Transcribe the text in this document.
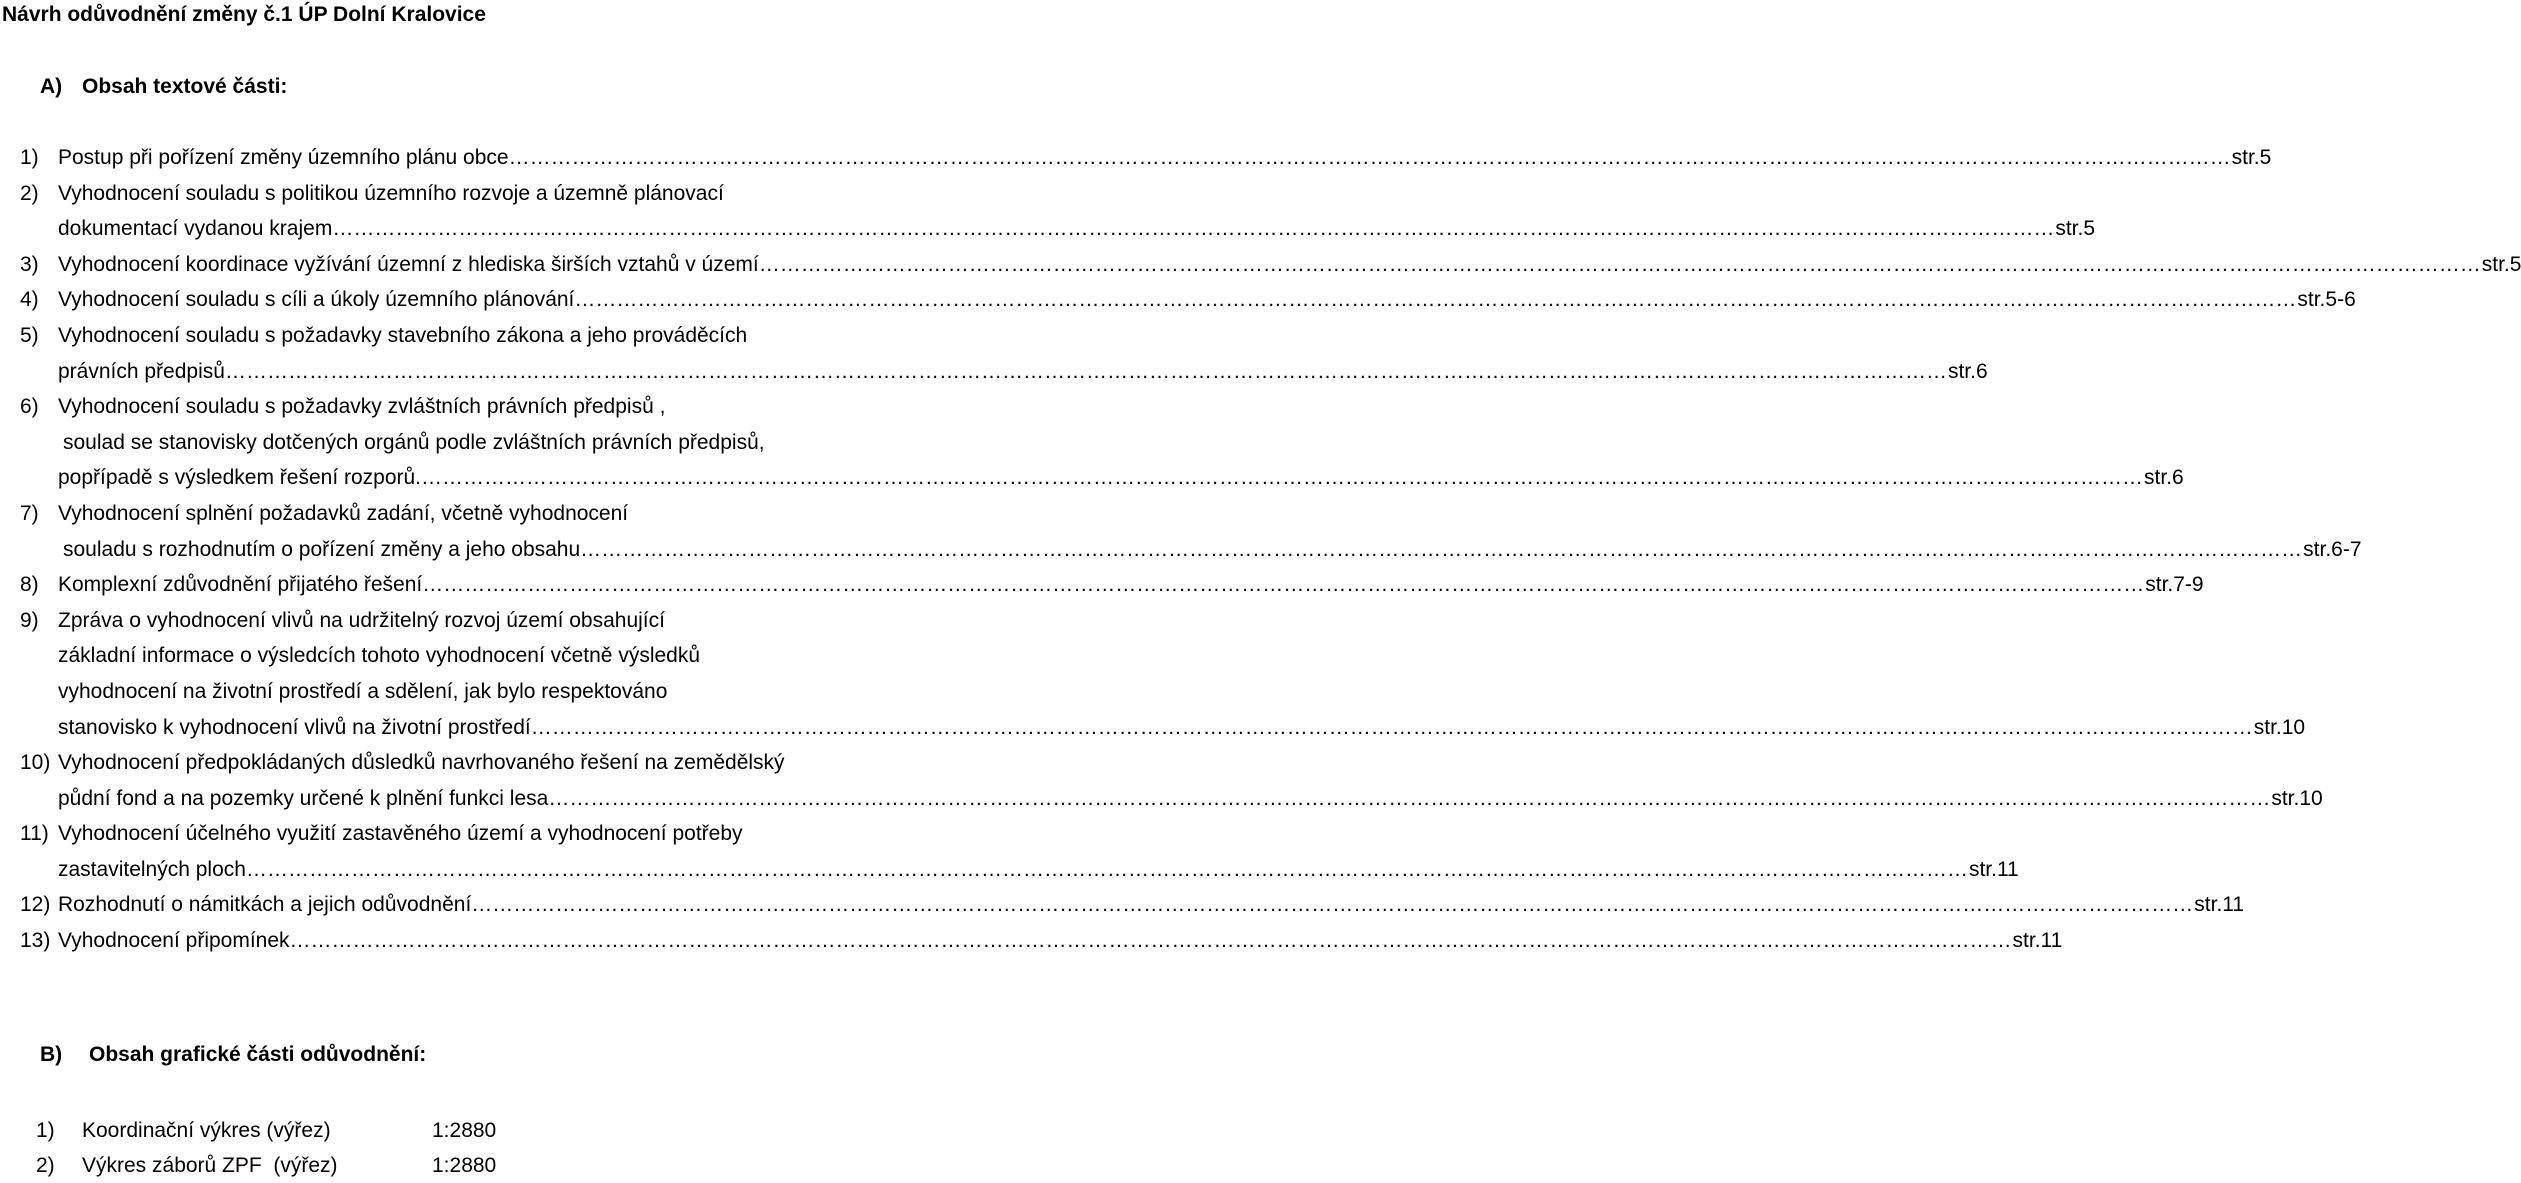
Návrh odůvodnění změny č.1 ÚP Dolní Kralovice
A) Obsah textové části:
1) Postup při pořízení změny územního plánu obce …………………………………………………………………………………………………………………………………………………………………………………………………………………………	str.5
2) Vyhodnocení souladu s politikou územního rozvoje a územně plánovací
dokumentací vydanou krajem …………………………………………………………………………………………………………………………………………………………………………………………………………………………	str.5
3) Vyhodnocení koordinace vyžívání územní z hlediska širších vztahů v území …………………………………………………………………………………………………………………………………………………………………………………………………………………………	str.5
4) Vyhodnocení souladu s cíli a úkoly územního plánování …………………………………………………………………………………………………………………………………………………………………………………………………………………………	str.5-6
5) Vyhodnocení souladu s požadavky stavebního zákona a jeho prováděcích
právních předpisů …………………………………………………………………………………………………………………………………………………………………………………………………………………………	str.6
6) Vyhodnocení souladu s požadavky zvláštních právních předpisů ,
soulad se stanovisky dotčených orgánů podle zvláštních právních předpisů,
popřípadě s výsledkem řešení rozporů. …………………………………………………………………………………………………………………………………………………………………………………………………………………………	str.6
7) Vyhodnocení splnění požadavků zadání, včetně vyhodnocení
souladu s rozhodnutím o pořízení změny a jeho obsahu …………………………………………………………………………………………………………………………………………………………………………………………………………………………	str.6-7
8) Komplexní zdůvodnění přijatého řešení …………………………………………………………………………………………………………………………………………………………………………………………………………………………	str.7-9
9) Zpráva o vyhodnocení vlivů na udržitelný rozvoj území obsahující
základní informace o výsledcích tohoto vyhodnocení včetně výsledků
vyhodnocení na životní prostředí a sdělení, jak bylo respektováno
stanovisko k vyhodnocení vlivů na životní prostředí …………………………………………………………………………………………………………………………………………………………………………………………………………………………	str.10
10) Vyhodnocení předpokládaných důsledků navrhovaného řešení na zemědělský
půdní fond a na pozemky určené k plnění funkci lesa …………………………………………………………………………………………………………………………………………………………………………………………………………………………	str.10
11) Vyhodnocení účelného využití zastavěného území a vyhodnocení potřeby
zastavitelných ploch …………………………………………………………………………………………………………………………………………………………………………………………………………………………	str.11
12) Rozhodnutí o námitkách a jejich odůvodnění …………………………………………………………………………………………………………………………………………………………………………………………………………………………	str.11
13) Vyhodnocení připomínek …………………………………………………………………………………………………………………………………………………………………………………………………………………………	str.11
B) Obsah grafické části odůvodnění:
1)	Koordinační výkres (výřez)	1:2880
2)	Výkres záborů ZPF  (výřez)	1:2880
